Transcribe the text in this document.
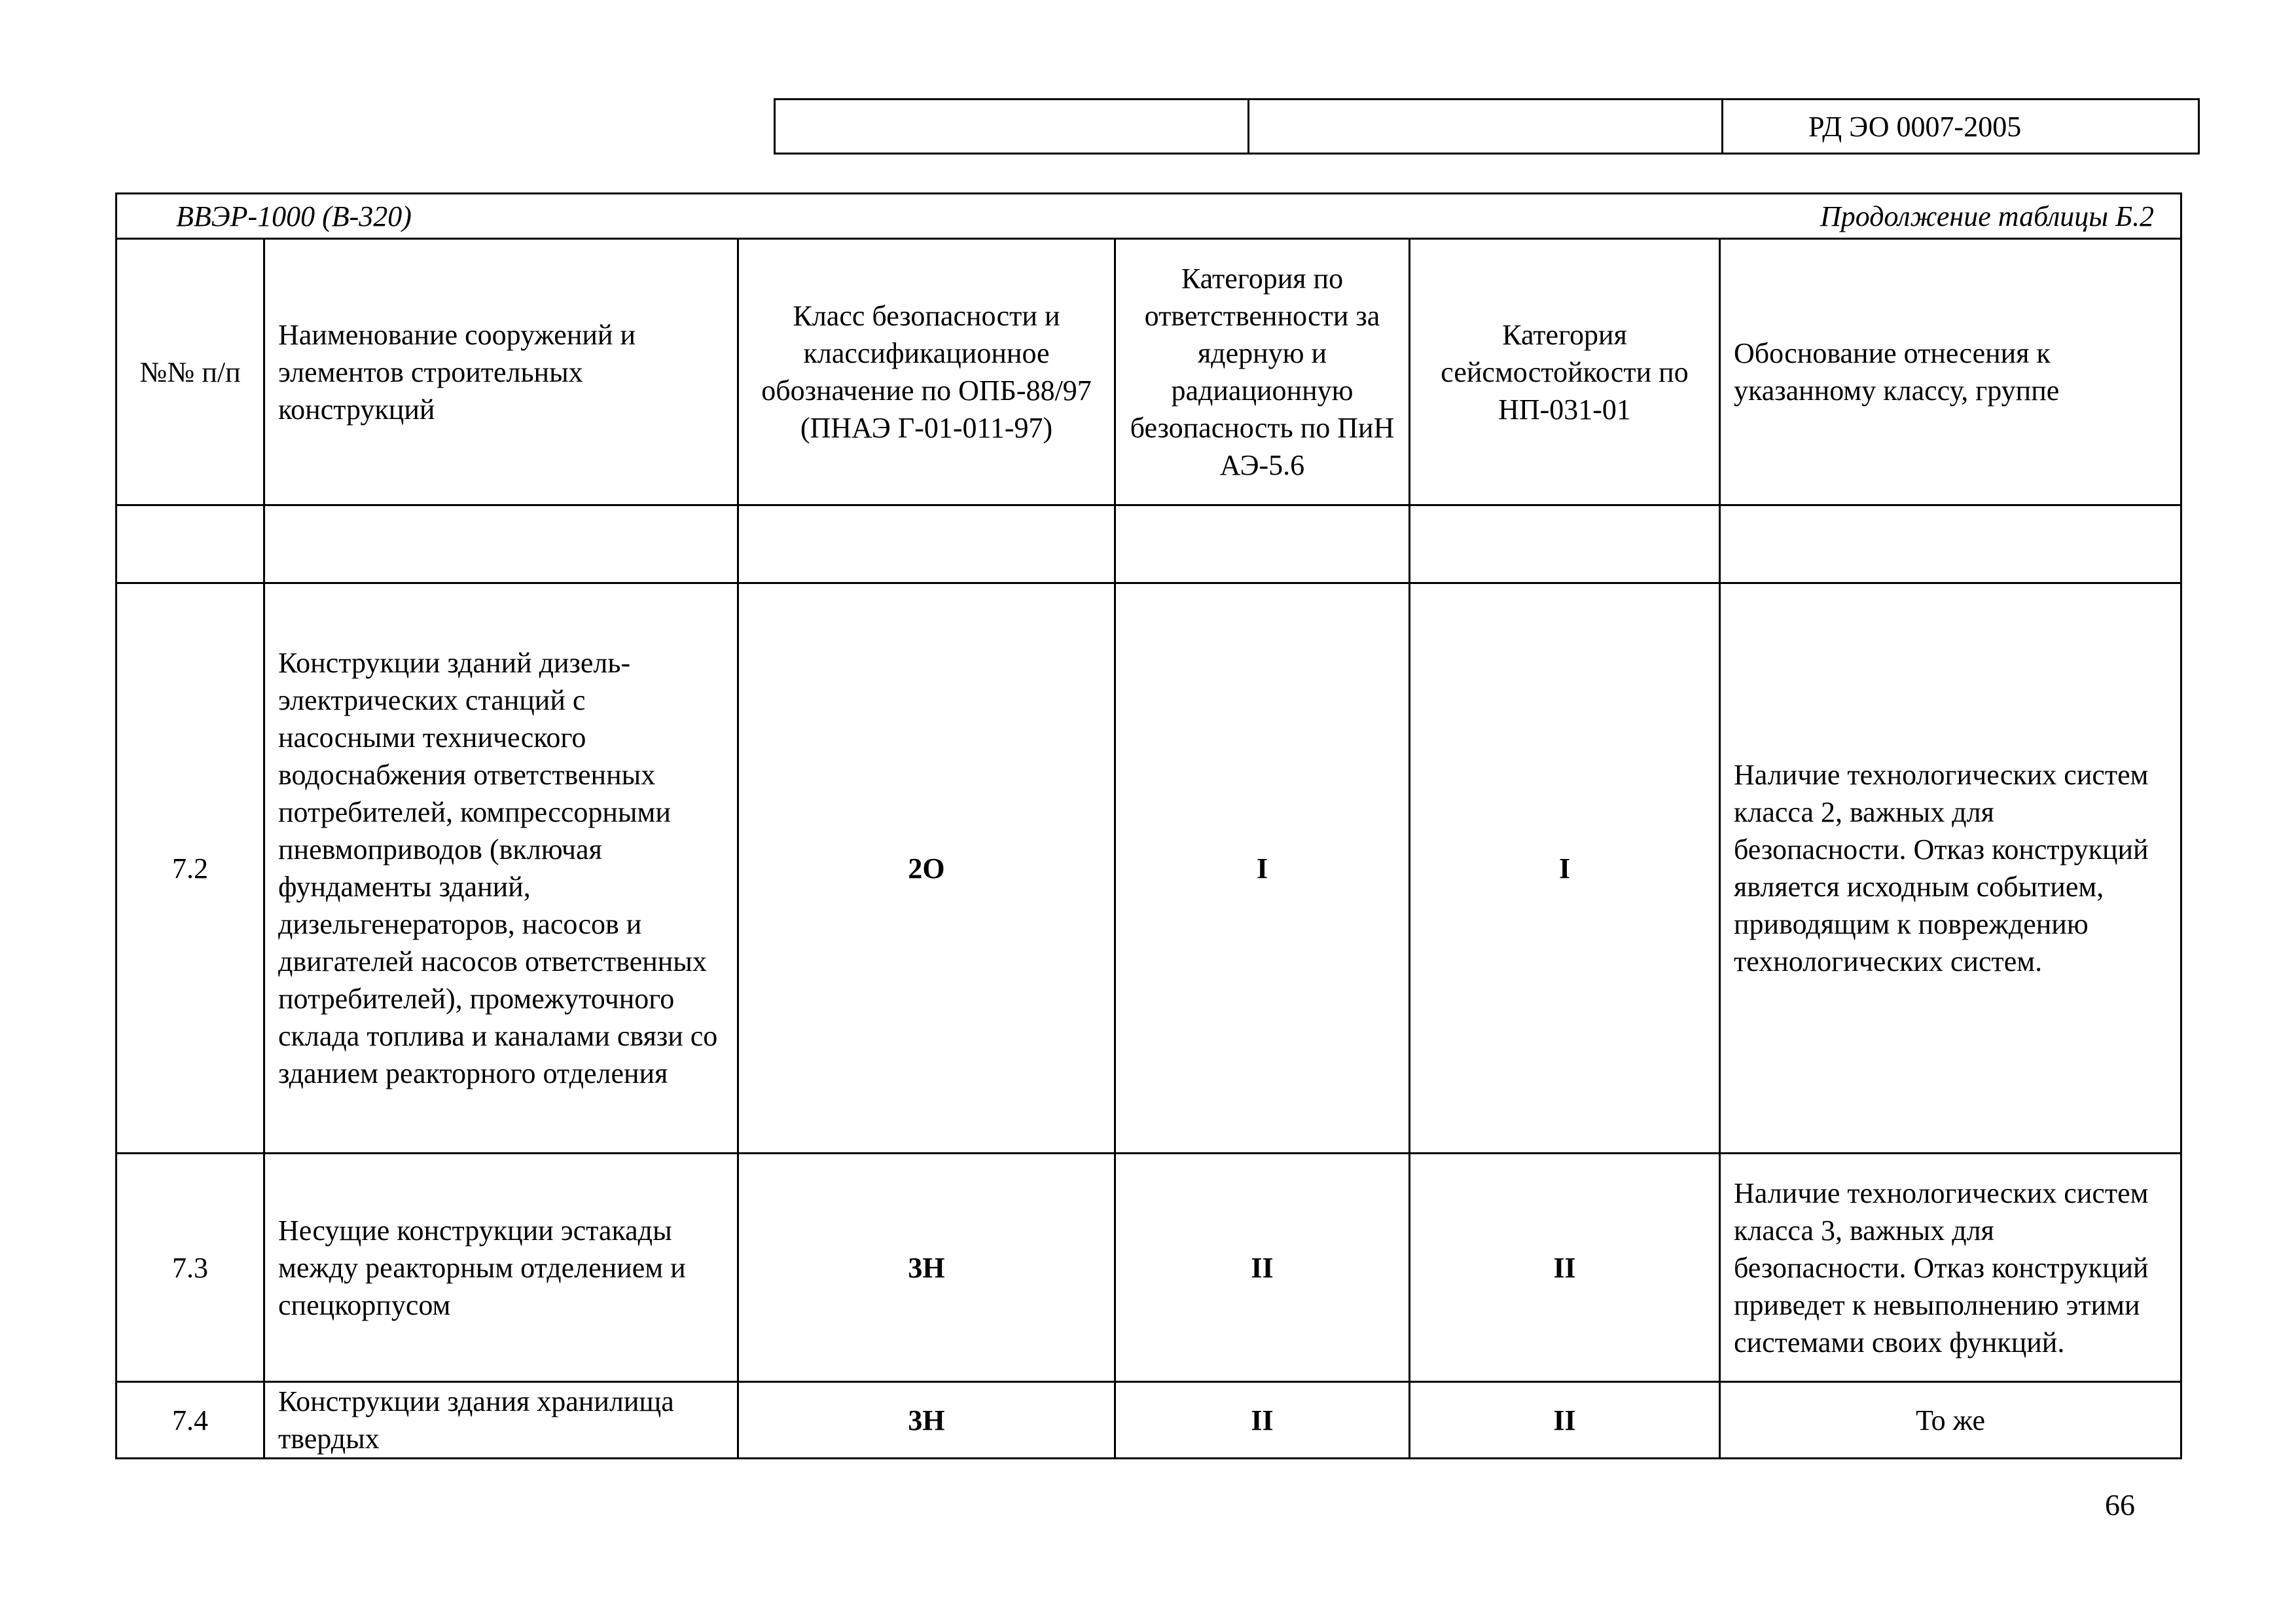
		РД ЭО 0007-2005
ВВЭР-1000 (В-320) Продолжение таблицы Б.2					

№№ п/п	Наименование сооружений и элементов строительных конструкций	Класс безопасности и классификационное обозначение по ОПБ-88/97 (ПНАЭ Г-01-011-97)	Категория по ответственности за ядерную и радиационную безопасность по ПиН АЭ-5.6	Категория сейсмостойкости по НП-031-01	Обоснование отнесения к указанному классу, группе

7.2	Конструкции зданий дизель-электрических станций с насосными технического водоснабжения ответственных потребителей, компрессорными пневмоприводов (включая фундаменты зданий, дизельгенераторов, насосов и двигателей насосов ответственных потребителей), промежуточного склада топлива и каналами связи со зданием реакторного отделения	2О	I	I	Наличие технологических систем класса 2, важных для безопасности. Отказ конструкций является исходным событием, приводящим к повреждению технологических систем.
7.3	Несущие конструкции эстакады между реакторным отделением и спецкорпусом	3Н	II	II	Наличие технологических систем класса 3, важных для безопасности. Отказ конструкций приведет к невыполнению этими системами своих функций.
7.4	Конструкции здания хранилища твердых	3Н	II	II	То же
66
